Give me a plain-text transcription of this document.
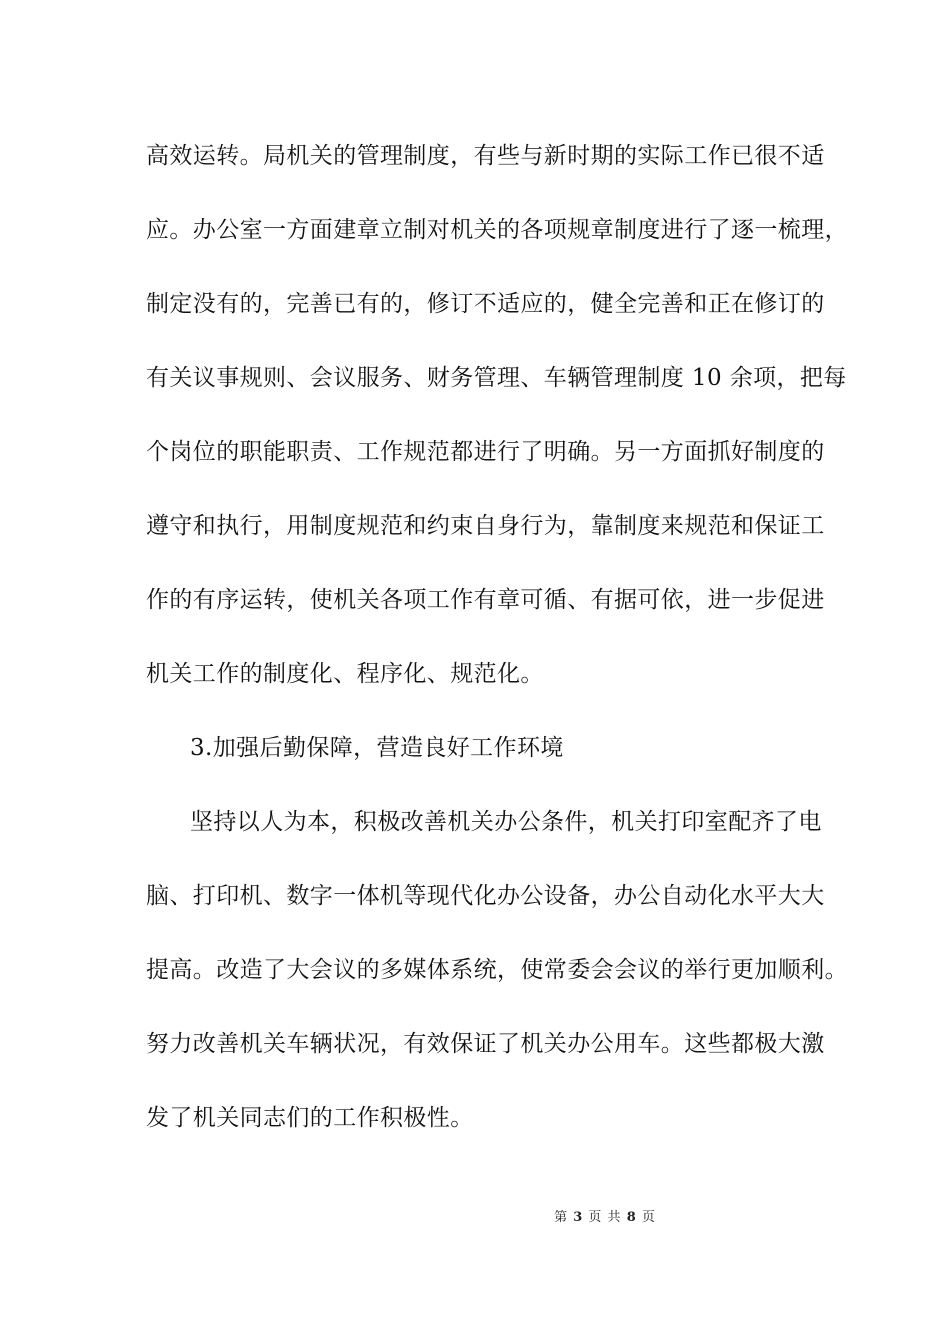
高效运转。局机关的管理制度，有些与新时期的实际工作已很不适
应。办公室一方面建章立制对机关的各项规章制度进行了逐一梳理，
制定没有的，完善已有的，修订不适应的，健全完善和正在修订的
有关议事规则、会议服务、财务管理、车辆管理制度 10 余项，把每
个岗位的职能职责、工作规范都进行了明确。另一方面抓好制度的
遵守和执行，用制度规范和约束自身行为，靠制度来规范和保证工
作的有序运转，使机关各项工作有章可循、有据可依，进一步促进
机关工作的制度化、程序化、规范化。
3.加强后勤保障，营造良好工作环境
坚持以人为本，积极改善机关办公条件，机关打印室配齐了电
脑、打印机、数字一体机等现代化办公设备，办公自动化水平大大
提高。改造了大会议的多媒体系统，使常委会会议的举行更加顺利。
努力改善机关车辆状况，有效保证了机关办公用车。这些都极大激
发了机关同志们的工作积极性。
第 3 页 共 8 页
